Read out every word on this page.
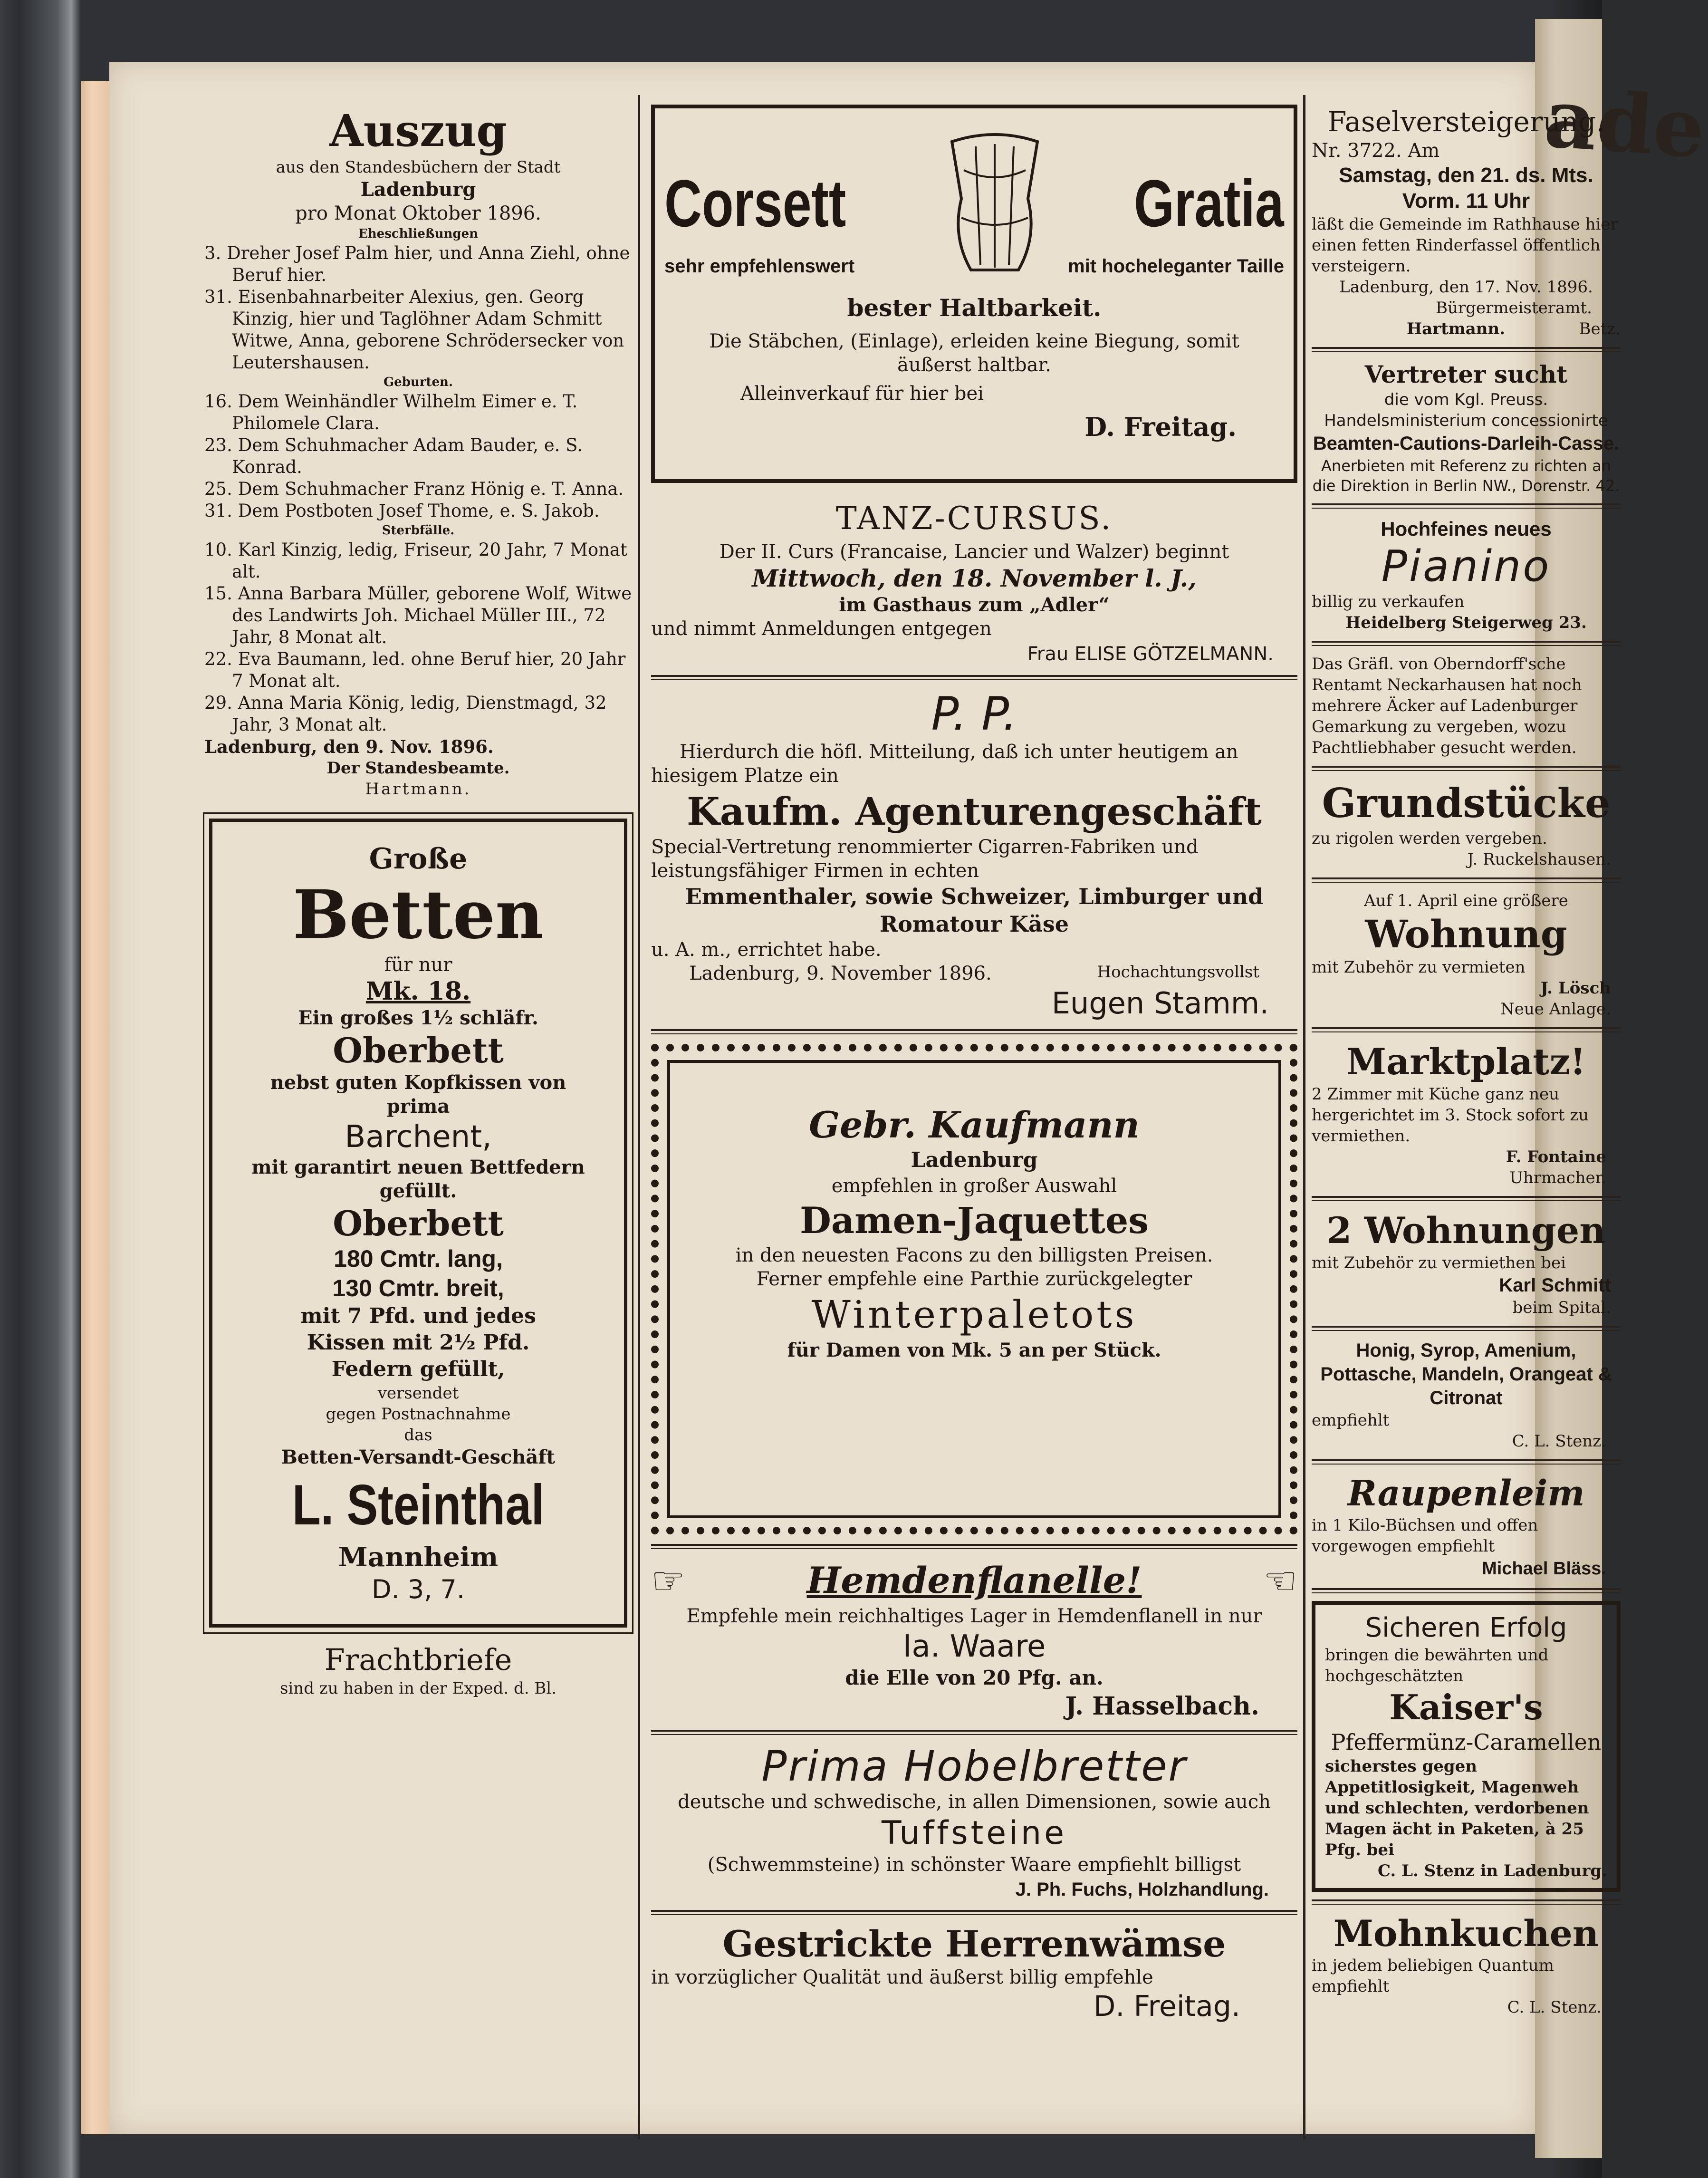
ade
Auszug
aus den Standesbüchern der Stadt
Ladenburg
pro Monat Oktober 1896.
Eheschließungen
3. Dreher Josef Palm hier, und Anna Ziehl, ohne Beruf hier.
31. Eisenbahnarbeiter Alexius, gen. Georg Kinzig, hier und Taglöhner Adam Schmitt Witwe, Anna, geborene Schrödersecker von Leutershausen.
Geburten.
16. Dem Weinhändler Wilhelm Eimer e. T. Philomele Clara.
23. Dem Schuhmacher Adam Bauder, e. S. Konrad.
25. Dem Schuhmacher Franz Hönig e. T. Anna.
31. Dem Postboten Josef Thome, e. S. Jakob.
Sterbfälle.
10. Karl Kinzig, ledig, Friseur, 20 Jahr, 7 Monat alt.
15. Anna Barbara Müller, geborene Wolf, Witwe des Landwirts Joh. Michael Müller III., 72 Jahr, 8 Monat alt.
22. Eva Baumann, led. ohne Beruf hier, 20 Jahr 7 Monat alt.
29. Anna Maria König, ledig, Dienstmagd, 32 Jahr, 3 Monat alt.
Ladenburg, den 9. Nov. 1896.
Der Standesbeamte.
Hartmann.
Große
Betten
für nur
Mk. 18.
Ein großes 1½ schläfr.
Oberbett
nebst guten Kopfkissen von
prima
Barchent,
mit garantirt neuen Bettfedern gefüllt.
Oberbett
180 Cmtr. lang,
130 Cmtr. breit,
mit 7 Pfd. und jedes
Kissen mit 2½ Pfd.
Federn gefüllt,
versendet
gegen Postnachnahme
das
Betten-Versandt-Geschäft
L. Steinthal
Mannheim
D. 3, 7.
Frachtbriefe
sind zu haben in der Exped. d. Bl.
Corsett	Gratia
sehr empfehlenswert	mit hocheleganter Taille
bester Haltbarkeit.
Die Stäbchen, (Einlage), erleiden keine Biegung, somit äußerst haltbar.
Alleinverkauf für hier bei
D. Freitag.
TANZ-CURSUS.
Der II. Curs (Francaise, Lancier und Walzer) beginnt
Mittwoch, den 18. November l. J.,
im Gasthaus zum „Adler“
und nimmt Anmeldungen entgegen
Frau ELISE GÖTZELMANN.
P. P.
Hierdurch die höfl. Mitteilung, daß ich unter heutigem an hiesigem Platze ein
Kaufm. Agenturengeschäft
Special-Vertretung renommierter Cigarren-Fabriken und leistungsfähiger Firmen in echten
Emmenthaler, sowie Schweizer, Limburger und
Romatour Käse
u. A. m., errichtet habe.
Ladenburg, 9. November 1896.	Hochachtungsvollst
Eugen Stamm.
Gebr. Kaufmann
Ladenburg
empfehlen in großer Auswahl
Damen-Jaquettes
in den neuesten Facons zu den billigsten Preisen.
Ferner empfehle eine Parthie zurückgelegter
Winterpaletots
für Damen von Mk. 5 an per Stück.
☞	Hemdenflanelle!	☜
Empfehle mein reichhaltiges Lager in Hemdenflanell in nur
Ia. Waare
die Elle von 20 Pfg. an.
J. Hasselbach.
Prima Hobelbretter
deutsche und schwedische, in allen Dimensionen, sowie auch
Tuffsteine
(Schwemmsteine) in schönster Waare empfiehlt billigst
J. Ph. Fuchs, Holzhandlung.
Gestrickte Herrenwämse
in vorzüglicher Qualität und äußerst billig empfehle
D. Freitag.
Faselversteigerung.
Nr. 3722. Am
Samstag, den 21. ds. Mts.
Vorm. 11 Uhr
läßt die Gemeinde im Rathhause hier einen fetten Rinderfassel öffentlich versteigern.
Ladenburg, den 17. Nov. 1896.
Bürgermeisteramt.
Hartmann.	Betz.
Vertreter sucht
die vom Kgl. Preuss. Handelsministerium concessionirte
Beamten-Cautions-Darleih-Casse.
Anerbieten mit Referenz zu richten an die Direktion in Berlin NW., Dorenstr. 42.
Hochfeines neues
Pianino
billig zu verkaufen
Heidelberg Steigerweg 23.
Das Gräfl. von Oberndorff'sche Rentamt Neckarhausen hat noch mehrere Äcker auf Ladenburger Gemarkung zu vergeben, wozu Pachtliebhaber gesucht werden.
Grundstücke
zu rigolen werden vergeben.
J. Ruckelshausen.
Auf 1. April eine größere
Wohnung
mit Zubehör zu vermieten
J. Lösch
Neue Anlage.
Marktplatz!
2 Zimmer mit Küche ganz neu hergerichtet im 3. Stock sofort zu vermiethen.
F. Fontaine
Uhrmacher.
2 Wohnungen
mit Zubehör zu vermiethen bei
Karl Schmitt
beim Spital.
Honig, Syrop, Amenium, Pottasche, Mandeln, Orangeat & Citronat
empfiehlt
C. L. Stenz.
Raupenleim
in 1 Kilo-Büchsen und offen vorgewogen empfiehlt
Michael Bläss.
Sicheren Erfolg
bringen die bewährten und hochgeschätzten
Kaiser's
Pfeffermünz-Caramellen
sicherstes gegen Appetitlosigkeit, Magenweh und schlechten, verdorbenen Magen ächt in Paketen, à 25 Pfg. bei
C. L. Stenz in Ladenburg.
Mohnkuchen
in jedem beliebigen Quantum empfiehlt
C. L. Stenz.
